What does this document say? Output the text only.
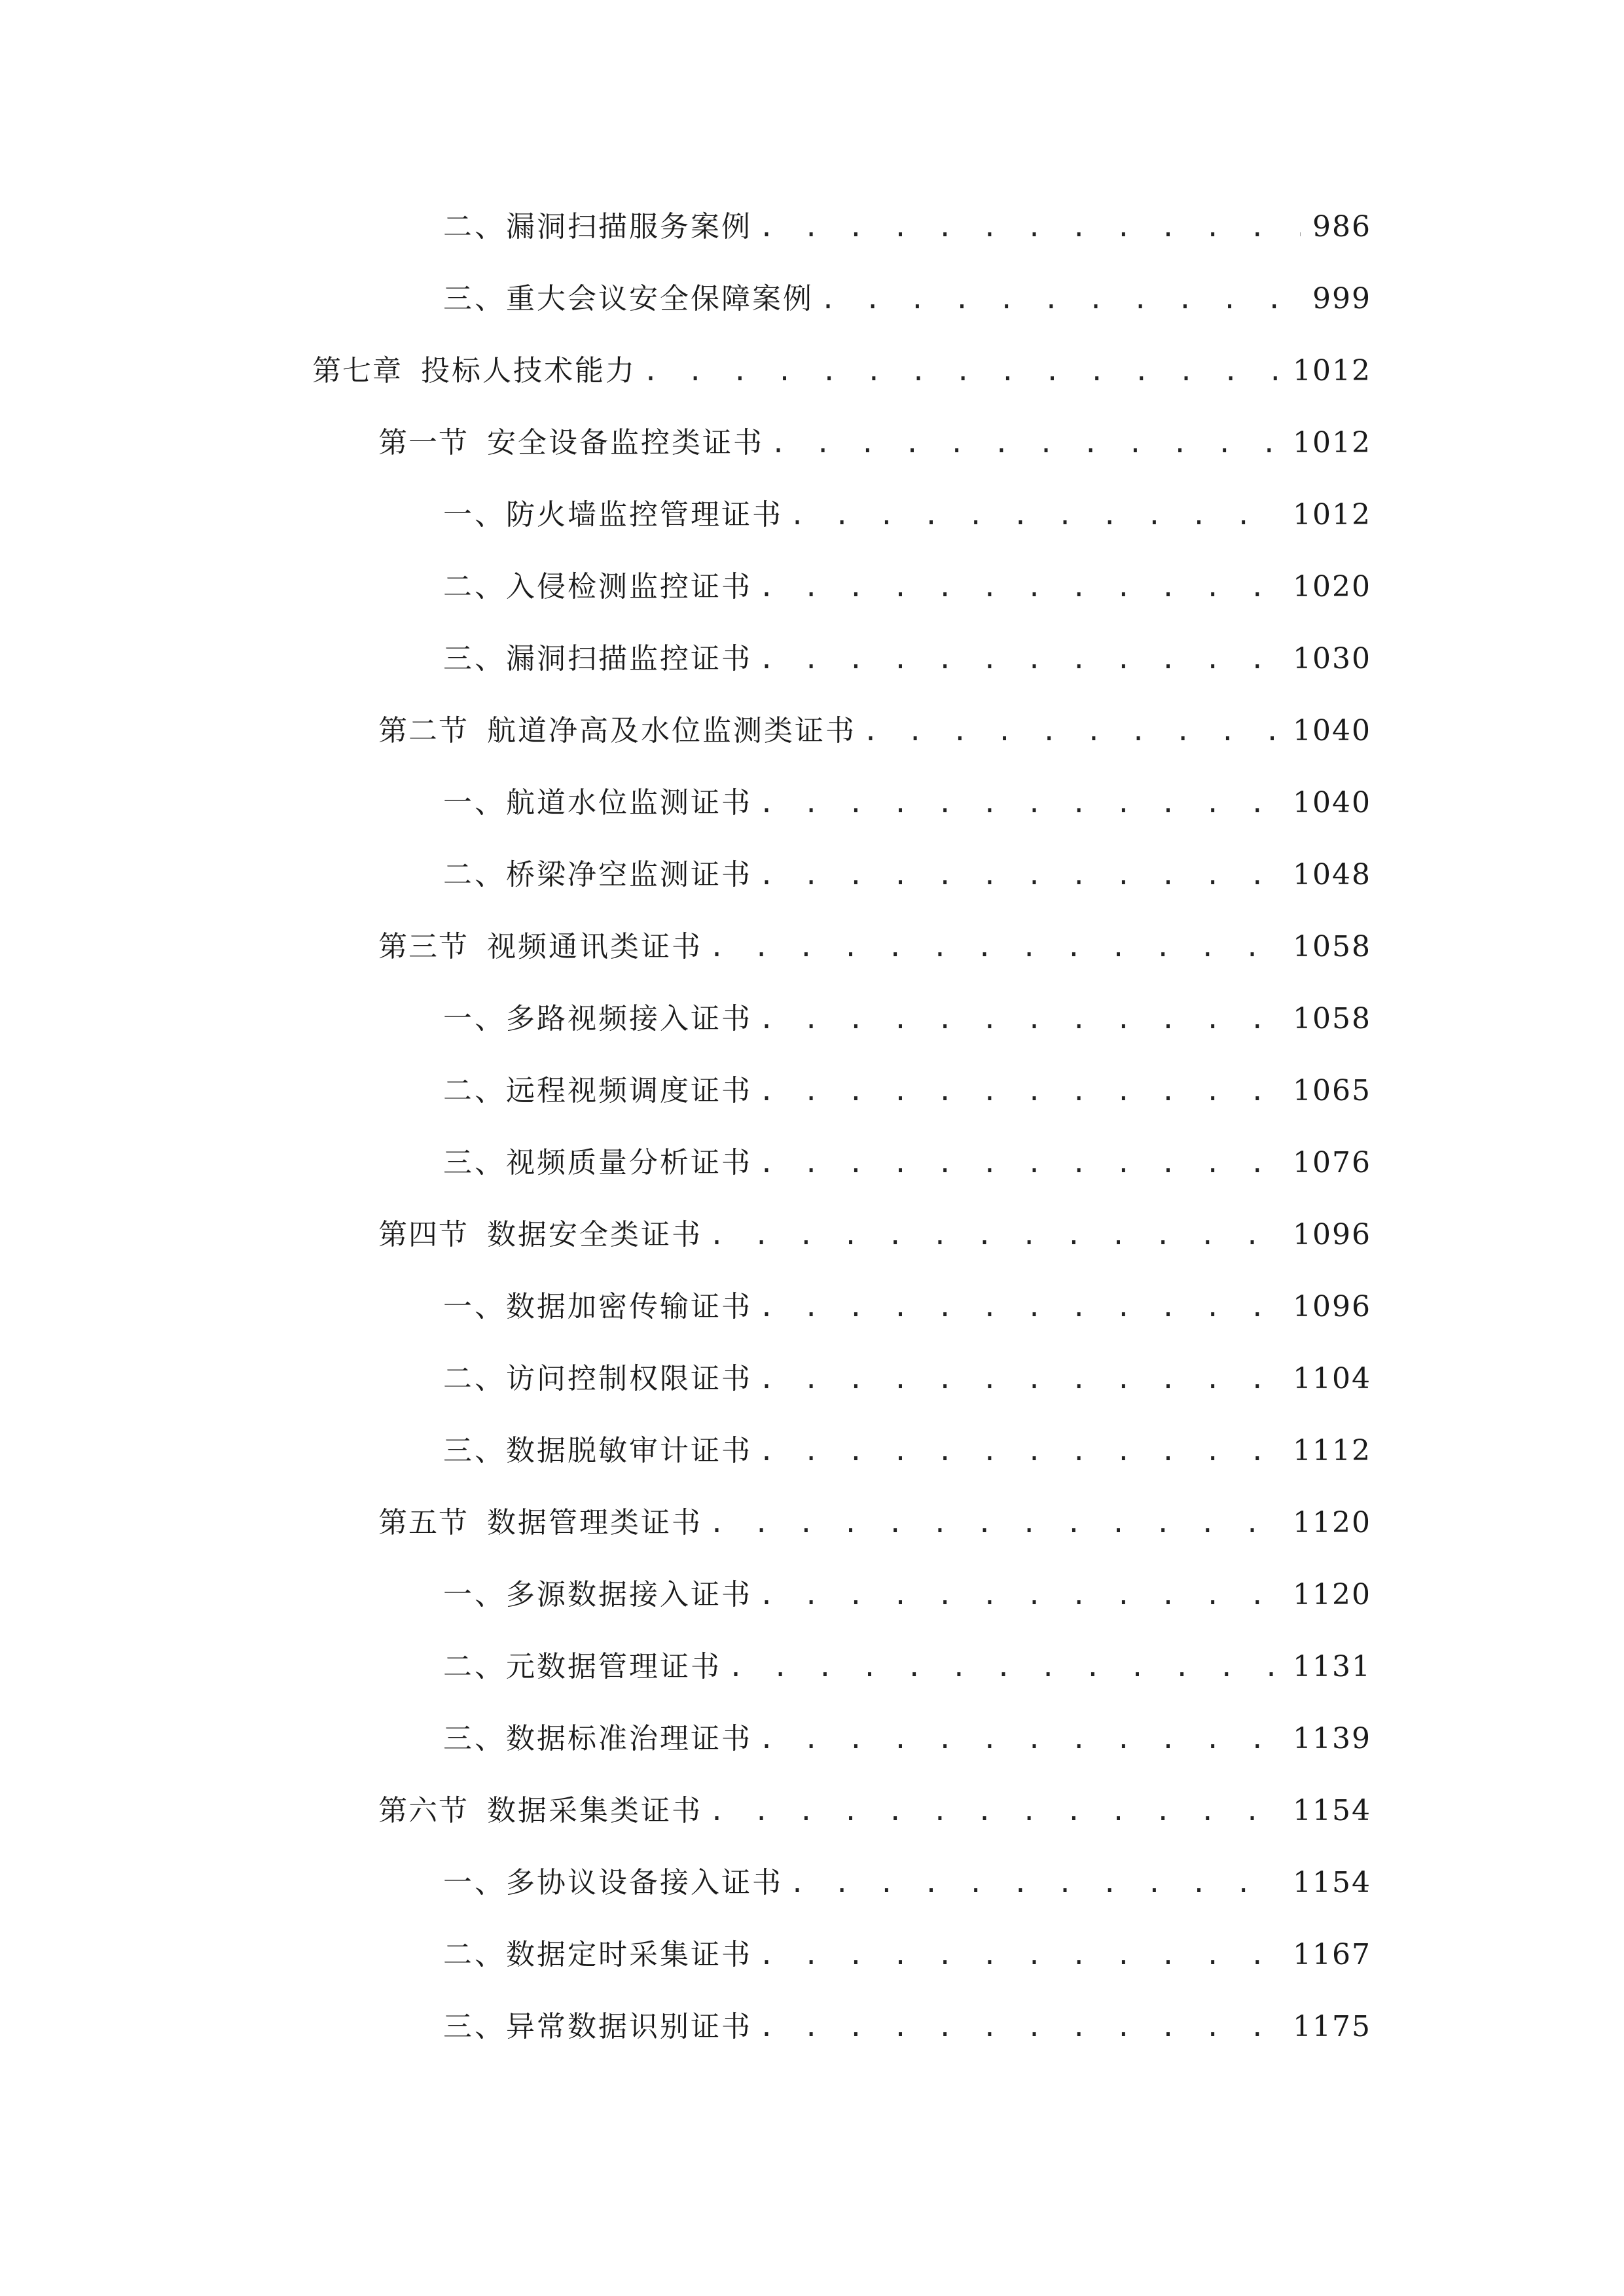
二、 漏洞扫描服务案例 . . .	986
三、 重大会议安全保障案例 . . .	999
第七章 投标人技术能力 . . .	1012
第一节 安全设备监控类证书 . . .	1012
一、 防火墙监控管理证书 . . .	1012
二、 入侵检测监控证书 . . .	1020
三、 漏洞扫描监控证书 . . .	1030
第二节 航道净高及水位监测类证书 . . .	1040
一、 航道水位监测证书 . . .	1040
二、 桥梁净空监测证书 . . .	1048
第三节 视频通讯类证书 . . .	1058
一、 多路视频接入证书 . . .	1058
二、 远程视频调度证书 . . .	1065
三、 视频质量分析证书 . . .	1076
第四节 数据安全类证书 . . .	1096
一、 数据加密传输证书 . . .	1096
二、 访问控制权限证书 . . .	1104
三、 数据脱敏审计证书 . . .	1112
第五节 数据管理类证书 . . .	1120
一、 多源数据接入证书 . . .	1120
二、 元数据管理证书 . . .	1131
三、 数据标准治理证书 . . .	1139
第六节 数据采集类证书 . . .	1154
一、 多协议设备接入证书 . . .	1154
二、 数据定时采集证书 . . .	1167
三、 异常数据识别证书 . . .	1175
